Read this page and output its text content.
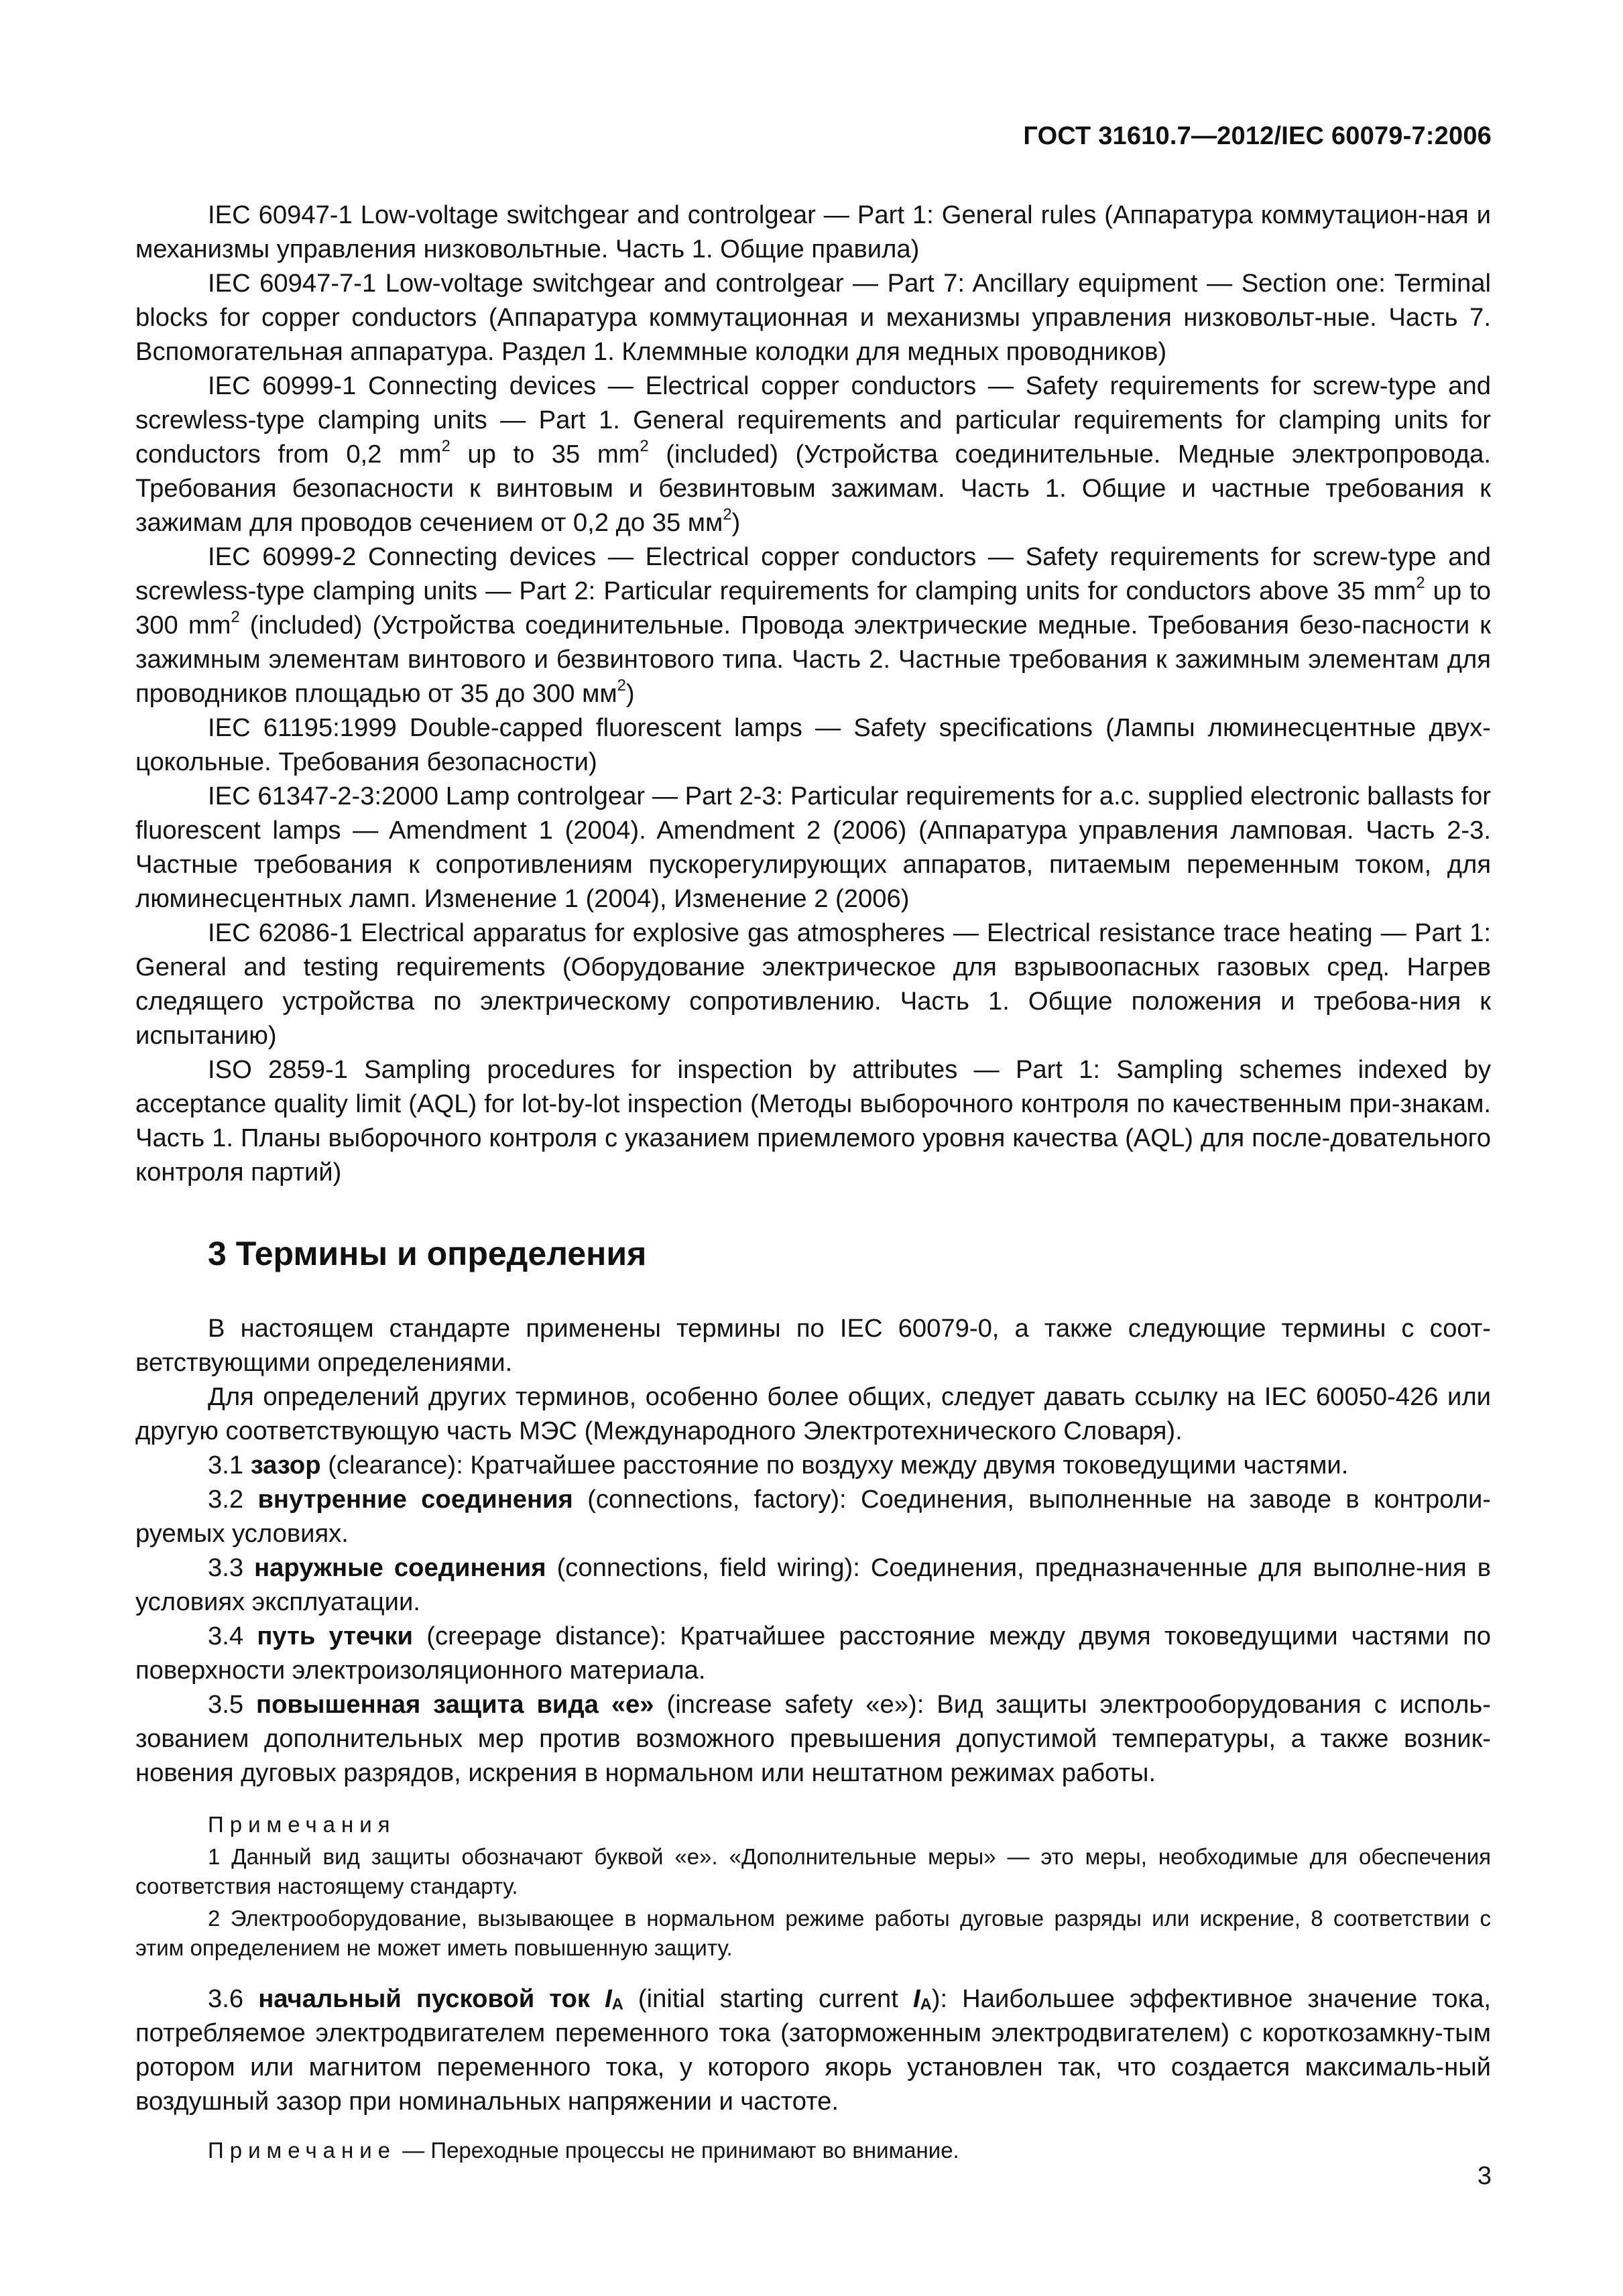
ГОСТ 31610.7—2012/IEC 60079-7:2006

IEC 60947-1 Low-voltage switchgear and controlgear — Part 1: General rules (Аппаратура коммутацион-ная и механизмы управления низковольтные. Часть 1. Общие правила)

IEC 60947-7-1 Low-voltage switchgear and controlgear — Part 7: Ancillary equipment — Section one: Terminal blocks for copper conductors (Аппаратура коммутационная и механизмы управления низковольт-ные. Часть 7. Вспомогательная аппаратура. Раздел 1. Клеммные колодки для медных проводников)

IEC 60999-1 Connecting devices — Electrical copper conductors — Safety requirements for screw-type and screwless-type clamping units — Part 1. General requirements and particular requirements for clamping units for conductors from 0,2 $mm^2$ up to 35 $mm^2$ (included) (Устройства соединительные. Медные электропровода. Требования безопасности к винтовым и безвинтовым зажимам. Часть 1. Общие и частные требования к зажимам для проводов сечением от 0,2 до 35 $мм^2$)

IEC 60999-2 Connecting devices — Electrical copper conductors — Safety requirements for screw-type and screwless-type clamping units — Part 2: Particular requirements for clamping units for conductors above 35 $mm^2$ up to 300 $mm^2$ (included) (Устройства соединительные. Провода электрические медные. Требования безо-пасности к зажимным элементам винтового и безвинтового типа. Часть 2. Частные требования к зажимным элементам для проводников площадью от 35 до 300 $мм^2$)

IEC 61195:1999 Double-capped fluorescent lamps — Safety specifications (Лампы люминесцентные двух-цокольные. Требования безопасности)

IEC 61347-2-3:2000 Lamp controlgear — Part 2-3: Particular requirements for a.c. supplied electronic ballasts for fluorescent lamps — Amendment 1 (2004). Amendment 2 (2006) (Аппаратура управления ламповая. Часть 2-3. Частные требования к сопротивлениям пускорегулирующих аппаратов, питаемым переменным током, для люминесцентных ламп. Изменение 1 (2004), Изменение 2 (2006)

IEC 62086-1 Electrical apparatus for explosive gas atmospheres — Electrical resistance trace heating — Part 1: General and testing requirements (Оборудование электрическое для взрывоопасных газовых сред. Нагрев следящего устройства по электрическому сопротивлению. Часть 1. Общие положения и требова-ния к испытанию)

ISO 2859-1 Sampling procedures for inspection by attributes — Part 1: Sampling schemes indexed by acceptance quality limit (AQL) for lot-by-lot inspection (Методы выборочного контроля по качественным при-знакам. Часть 1. Планы выборочного контроля с указанием приемлемого уровня качества (AQL) для после-довательного контроля партий)

3 Термины и определения

В настоящем стандарте применены термины по IEC 60079-0, а также следующие термины с соот-ветствующими определениями.

Для определений других терминов, особенно более общих, следует давать ссылку на IEC 60050-426 или другую соответствующую часть МЭС (Международного Электротехнического Словаря).

3.1 зазор (clearance): Кратчайшее расстояние по воздуху между двумя токоведущими частями.

3.2 внутренние соединения (connections, factory): Соединения, выполненные на заводе в контроли-руемых условиях.

3.3 наружные соединения (connections, field wiring): Соединения, предназначенные для выполне-ния в условиях эксплуатации.

3.4 путь утечки (creepage distance): Кратчайшее расстояние между двумя токоведущими частями по поверхности электроизоляционного материала.

3.5 повышенная защита вида «е» (increase safety «е»): Вид защиты электрооборудования с исполь-зованием дополнительных мер против возможного превышения допустимой температуры, а также возник-новения дуговых разрядов, искрения в нормальном или нештатном режимах работы.

Примечания

1 Данный вид защиты обозначают буквой «е». «Дополнительные меры» — это меры, необходимые для обеспечения соответствия настоящему стандарту.

2 Электрооборудование, вызывающее в нормальном режиме работы дуговые разряды или искрение, 8 соответствии с этим определением не может иметь повышенную защиту.

3.6 начальный пусковой ток $I_А$ (initial starting current $I_А$): Наибольшее эффективное значение тока, потребляемое электродвигателем переменного тока (заторможенным электродвигателем) с короткозамкну-тым ротором или магнитом переменного тока, у которого якорь установлен так, что создается максималь-ный воздушный зазор при номинальных напряжении и частоте.

Примечание — Переходные процессы не принимают во внимание.

3
